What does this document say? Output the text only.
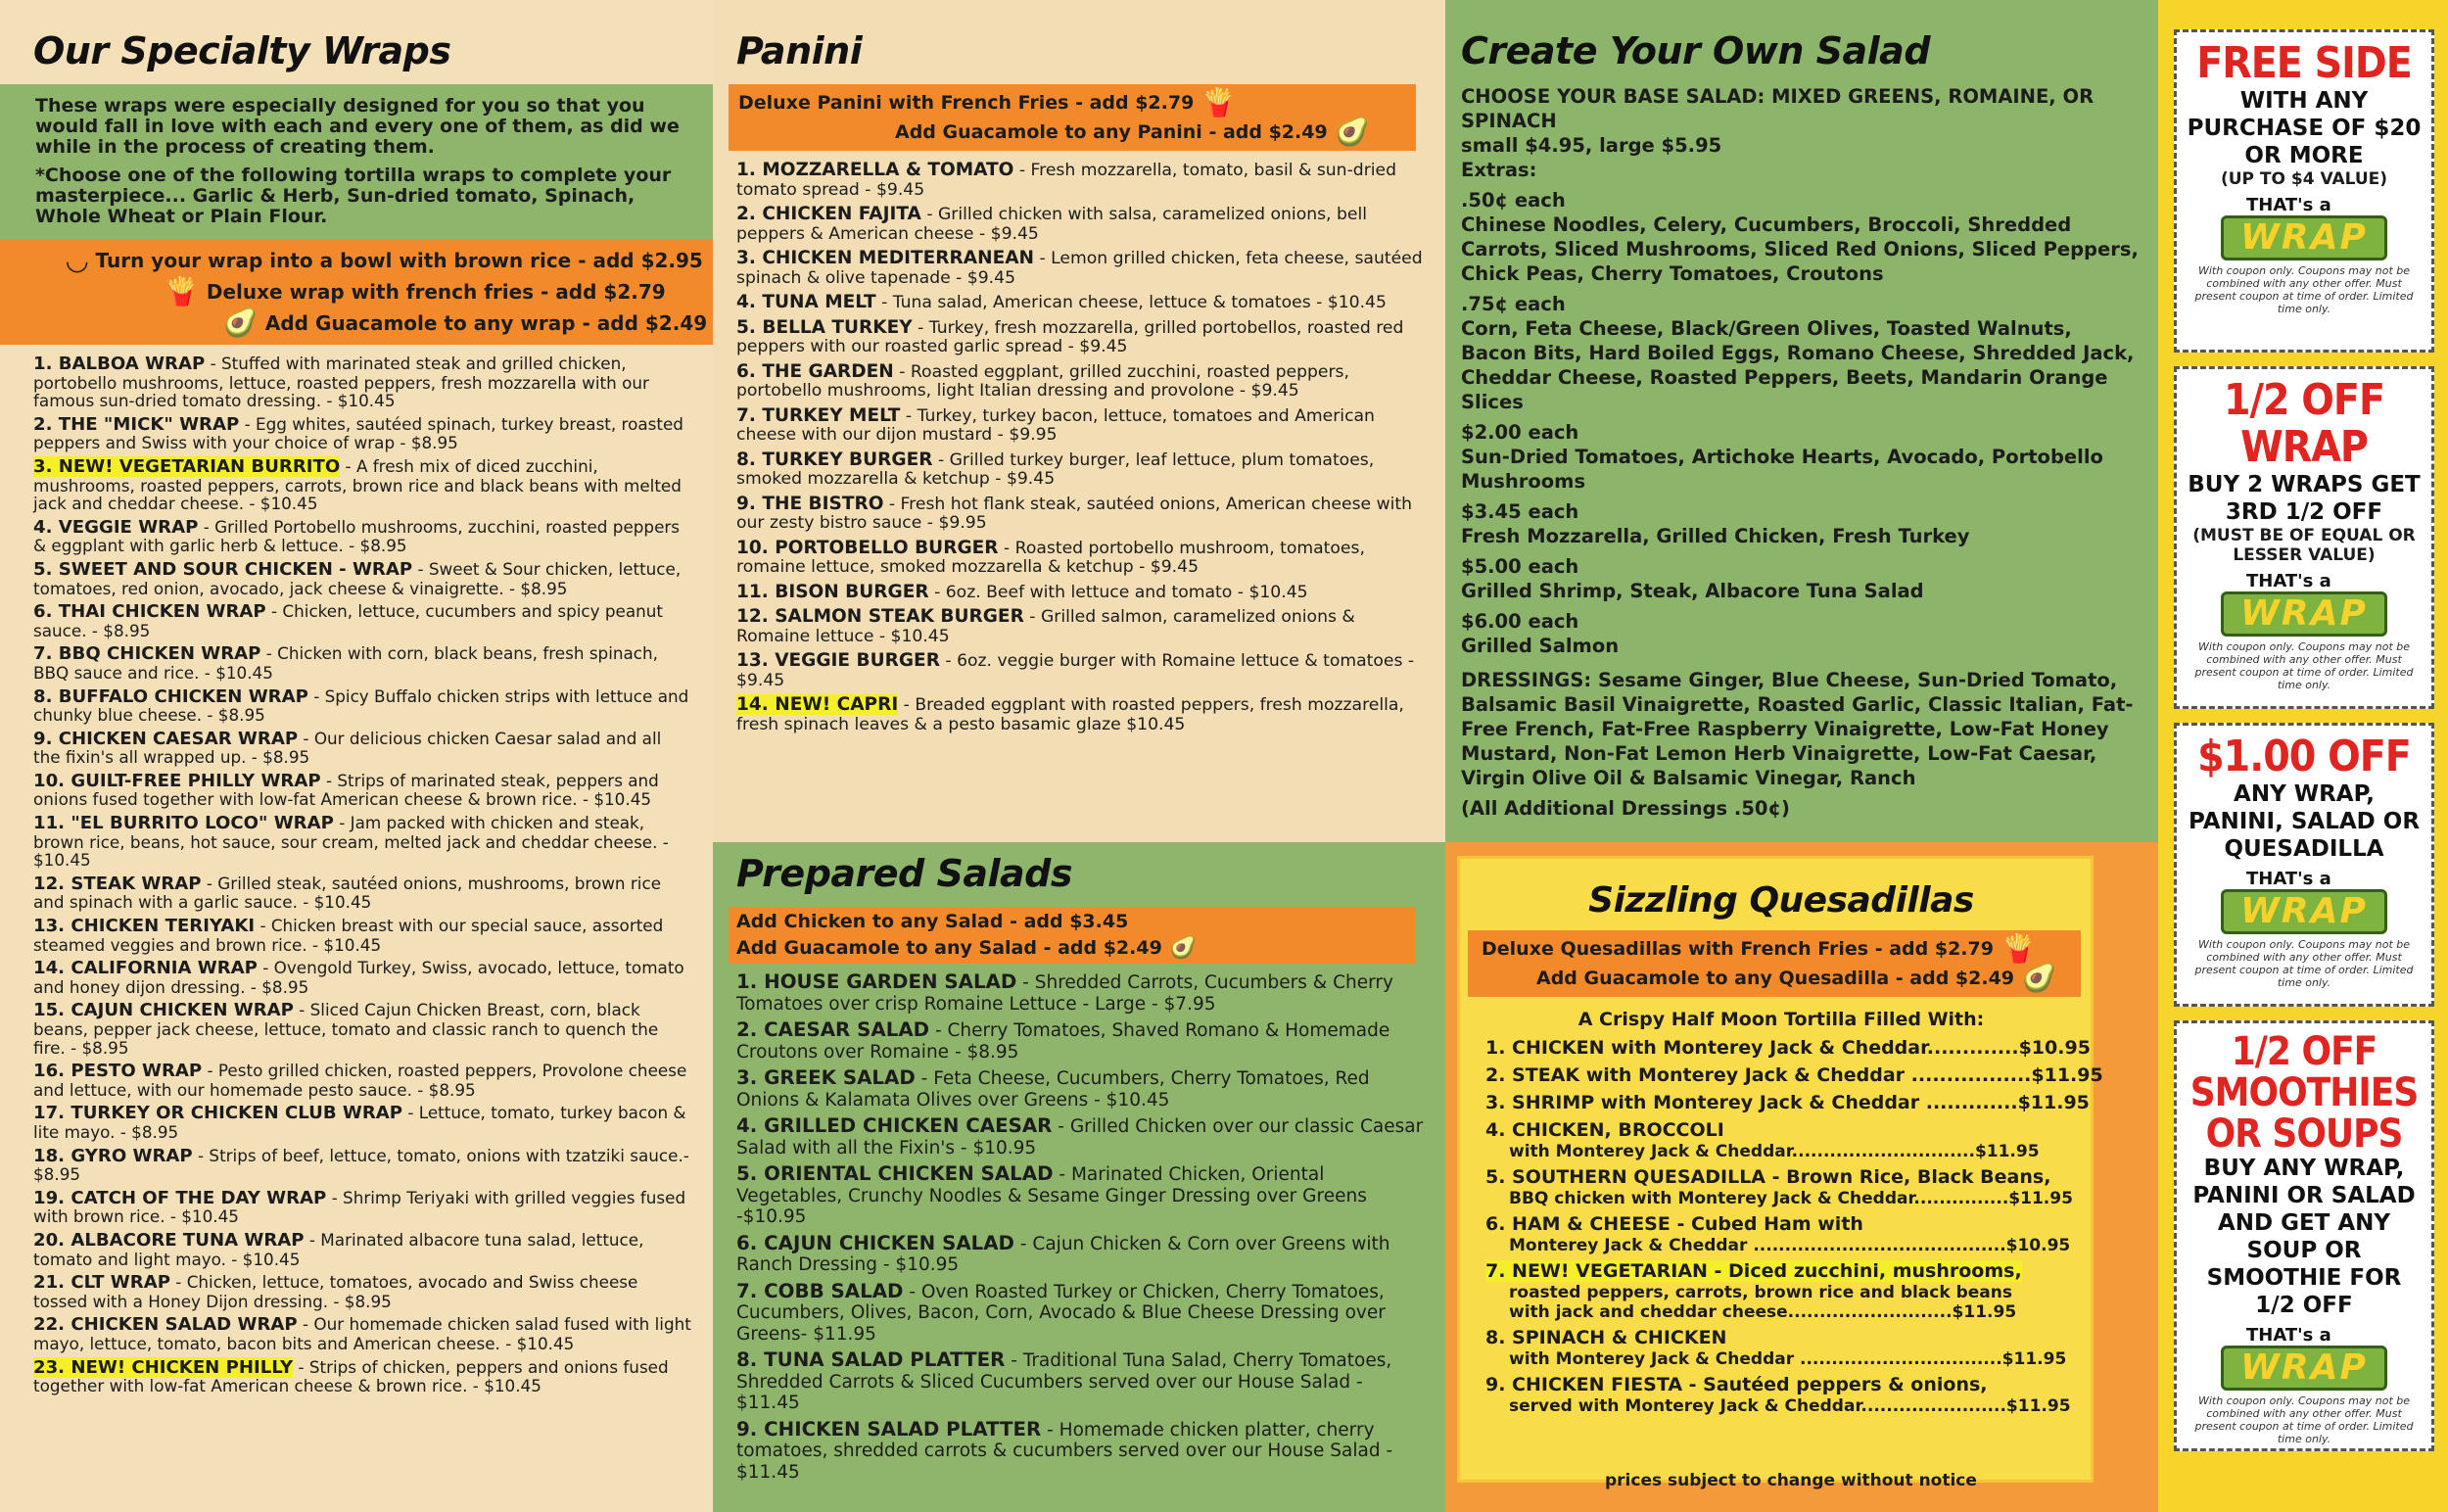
Our Specialty Wraps

These wraps were especially designed for you so that you would fall in love with each and every one of them, as did we while in the process of creating them.

*Choose one of the following tortilla wraps to complete your masterpiece... Garlic & Herb, Sun-dried tomato, Spinach, Whole Wheat or Plain Flour.

◡ Turn your wrap into a bowl with brown rice - add $2.95
🍟 Deluxe wrap with french fries - add $2.79
🥑 Add Guacamole to any wrap - add $2.49
1. BALBOA WRAP - Stuffed with marinated steak and grilled chicken, portobello mushrooms, lettuce, roasted peppers, fresh mozzarella with our famous sun-dried tomato dressing. - $10.45
2. THE "MICK" WRAP - Egg whites, sautéed spinach, turkey breast, roasted peppers and Swiss with your choice of wrap - $8.95
3. NEW! VEGETARIAN BURRITO - A fresh mix of diced zucchini, mushrooms, roasted peppers, carrots, brown rice and black beans with melted jack and cheddar cheese. - $10.45
4. VEGGIE WRAP - Grilled Portobello mushrooms, zucchini, roasted peppers & eggplant with garlic herb & lettuce. - $8.95
5. SWEET AND SOUR CHICKEN - WRAP - Sweet & Sour chicken, lettuce, tomatoes, red onion, avocado, jack cheese & vinaigrette. - $8.95
6. THAI CHICKEN WRAP - Chicken, lettuce, cucumbers and spicy peanut sauce. - $8.95
7. BBQ CHICKEN WRAP - Chicken with corn, black beans, fresh spinach, BBQ sauce and rice. - $10.45
8. BUFFALO CHICKEN WRAP - Spicy Buffalo chicken strips with lettuce and chunky blue cheese. - $8.95
9. CHICKEN CAESAR WRAP - Our delicious chicken Caesar salad and all the fixin's all wrapped up. - $8.95
10. GUILT-FREE PHILLY WRAP - Strips of marinated steak, peppers and onions fused together with low-fat American cheese & brown rice. - $10.45
11. "EL BURRITO LOCO" WRAP - Jam packed with chicken and steak, brown rice, beans, hot sauce, sour cream, melted jack and cheddar cheese. - $10.45
12. STEAK WRAP - Grilled steak, sautéed onions, mushrooms, brown rice and spinach with a garlic sauce. - $10.45
13. CHICKEN TERIYAKI - Chicken breast with our special sauce, assorted steamed veggies and brown rice. - $10.45
14. CALIFORNIA WRAP - Ovengold Turkey, Swiss, avocado, lettuce, tomato and honey dijon dressing. - $8.95
15. CAJUN CHICKEN WRAP - Sliced Cajun Chicken Breast, corn, black beans, pepper jack cheese, lettuce, tomato and classic ranch to quench the fire. - $8.95
16. PESTO WRAP - Pesto grilled chicken, roasted peppers, Provolone cheese and lettuce, with our homemade pesto sauce. - $8.95
17. TURKEY OR CHICKEN CLUB WRAP - Lettuce, tomato, turkey bacon & lite mayo. - $8.95
18. GYRO WRAP - Strips of beef, lettuce, tomato, onions with tzatziki sauce.- $8.95
19. CATCH OF THE DAY WRAP - Shrimp Teriyaki with grilled veggies fused with brown rice. - $10.45
20. ALBACORE TUNA WRAP - Marinated albacore tuna salad, lettuce, tomato and light mayo. - $10.45
21. CLT WRAP - Chicken, lettuce, tomatoes, avocado and Swiss cheese tossed with a Honey Dijon dressing. - $8.95
22. CHICKEN SALAD WRAP - Our homemade chicken salad fused with light mayo, lettuce, tomato, bacon bits and American cheese. - $10.45
23. NEW! CHICKEN PHILLY - Strips of chicken, peppers and onions fused together with low-fat American cheese & brown rice. - $10.45
Panini
Deluxe Panini with French Fries - add $2.79 🍟
Add Guacamole to any Panini - add $2.49 🥑
1. MOZZARELLA & TOMATO - Fresh mozzarella, tomato, basil & sun-dried tomato spread - $9.45
2. CHICKEN FAJITA - Grilled chicken with salsa, caramelized onions, bell peppers & American cheese - $9.45
3. CHICKEN MEDITERRANEAN - Lemon grilled chicken, feta cheese, sautéed spinach & olive tapenade - $9.45
4. TUNA MELT - Tuna salad, American cheese, lettuce & tomatoes - $10.45
5. BELLA TURKEY - Turkey, fresh mozzarella, grilled portobellos, roasted red peppers with our roasted garlic spread - $9.45
6. THE GARDEN - Roasted eggplant, grilled zucchini, roasted peppers, portobello mushrooms, light Italian dressing and provolone - $9.45
7. TURKEY MELT - Turkey, turkey bacon, lettuce, tomatoes and American cheese with our dijon mustard - $9.95
8. TURKEY BURGER - Grilled turkey burger, leaf lettuce, plum tomatoes, smoked mozzarella & ketchup - $9.45
9. THE BISTRO - Fresh hot flank steak, sautéed onions, American cheese with our zesty bistro sauce - $9.95
10. PORTOBELLO BURGER - Roasted portobello mushroom, tomatoes, romaine lettuce, smoked mozzarella & ketchup - $9.45
11. BISON BURGER - 6oz. Beef with lettuce and tomato - $10.45
12. SALMON STEAK BURGER - Grilled salmon, caramelized onions & Romaine lettuce - $10.45
13. VEGGIE BURGER - 6oz. veggie burger with Romaine lettuce & tomatoes - $9.45
14. NEW! CAPRI - Breaded eggplant with roasted peppers, fresh mozzarella, fresh spinach leaves & a pesto basamic glaze $10.45
Prepared Salads
Add Chicken to any Salad - add $3.45
Add Guacamole to any Salad - add $2.49 🥑
1. HOUSE GARDEN SALAD - Shredded Carrots, Cucumbers & Cherry Tomatoes over crisp Romaine Lettuce - Large - $7.95
2. CAESAR SALAD - Cherry Tomatoes, Shaved Romano & Homemade Croutons over Romaine - $8.95
3. GREEK SALAD - Feta Cheese, Cucumbers, Cherry Tomatoes, Red Onions & Kalamata Olives over Greens - $10.45
4. GRILLED CHICKEN CAESAR - Grilled Chicken over our classic Caesar Salad with all the Fixin's - $10.95
5. ORIENTAL CHICKEN SALAD - Marinated Chicken, Oriental Vegetables, Crunchy Noodles & Sesame Ginger Dressing over Greens -$10.95
6. CAJUN CHICKEN SALAD - Cajun Chicken & Corn over Greens with Ranch Dressing - $10.95
7. COBB SALAD - Oven Roasted Turkey or Chicken, Cherry Tomatoes, Cucumbers, Olives, Bacon, Corn, Avocado & Blue Cheese Dressing over Greens- $11.95
8. TUNA SALAD PLATTER - Traditional Tuna Salad, Cherry Tomatoes, Shredded Carrots & Sliced Cucumbers served over our House Salad - $11.45
9. CHICKEN SALAD PLATTER - Homemade chicken platter, cherry tomatoes, shredded carrots & cucumbers served over our House Salad - $11.45
Create Your Own Salad
CHOOSE YOUR BASE SALAD: MIXED GREENS, ROMAINE, OR SPINACH
small $4.95, large $5.95
Extras:
.50¢ each
Chinese Noodles, Celery, Cucumbers, Broccoli, Shredded Carrots, Sliced Mushrooms, Sliced Red Onions, Sliced Peppers, Chick Peas, Cherry Tomatoes, Croutons
.75¢ each
Corn, Feta Cheese, Black/Green Olives, Toasted Walnuts, Bacon Bits, Hard Boiled Eggs, Romano Cheese, Shredded Jack, Cheddar Cheese, Roasted Peppers, Beets, Mandarin Orange Slices
$2.00 each
Sun-Dried Tomatoes, Artichoke Hearts, Avocado, Portobello Mushrooms
$3.45 each
Fresh Mozzarella, Grilled Chicken, Fresh Turkey
$5.00 each
Grilled Shrimp, Steak, Albacore Tuna Salad
$6.00 each
Grilled Salmon
DRESSINGS: Sesame Ginger, Blue Cheese, Sun-Dried Tomato, Balsamic Basil Vinaigrette, Roasted Garlic, Classic Italian, Fat-Free French, Fat-Free Raspberry Vinaigrette, Low-Fat Honey Mustard, Non-Fat Lemon Herb Vinaigrette, Low-Fat Caesar, Virgin Olive Oil & Balsamic Vinegar, Ranch
(All Additional Dressings .50¢)
Sizzling Quesadillas
Deluxe Quesadillas with French Fries - add $2.79 🍟
Add Guacamole to any Quesadilla - add $2.49 🥑
A Crispy Half Moon Tortilla Filled With:
1. CHICKEN with Monterey Jack & Cheddar.............$10.95
2. STEAK with Monterey Jack & Cheddar .................$11.95
3. SHRIMP with Monterey Jack & Cheddar .............$11.95
4. CHICKEN, BROCCOLI
with Monterey Jack & Cheddar.............................$11.95
5. SOUTHERN QUESADILLA - Brown Rice, Black Beans,
BBQ chicken with Monterey Jack & Cheddar...............$11.95
6. HAM & CHEESE - Cubed Ham with
Monterey Jack & Cheddar ........................................$10.95
7. NEW! VEGETARIAN - Diced zucchini, mushrooms,
roasted peppers, carrots, brown rice and black beans with jack and cheddar cheese..........................$11.95
8. SPINACH & CHICKEN
with Monterey Jack & Cheddar ................................$11.95
9. CHICKEN FIESTA - Sautéed peppers & onions,
served with Monterey Jack & Cheddar.......................$11.95
prices subject to change without notice
FREE SIDE
WITH ANY PURCHASE OF $20 OR MORE
(UP TO $4 VALUE)
THAT's a
WRAP
With coupon only. Coupons may not be combined with any other offer. Must present coupon at time of order. Limited time only.
1/2 OFF WRAP
BUY 2 WRAPS GET 3RD 1/2 OFF
(MUST BE OF EQUAL OR LESSER VALUE)
THAT's a
WRAP
With coupon only. Coupons may not be combined with any other offer. Must present coupon at time of order. Limited time only.
$1.00 OFF
ANY WRAP, PANINI, SALAD OR QUESADILLA
THAT's a
WRAP
With coupon only. Coupons may not be combined with any other offer. Must present coupon at time of order. Limited time only.
1/2 OFF SMOOTHIES OR SOUPS
BUY ANY WRAP, PANINI OR SALAD AND GET ANY SOUP OR SMOOTHIE FOR 1/2 OFF
THAT's a
WRAP
With coupon only. Coupons may not be combined with any other offer. Must present coupon at time of order. Limited time only.
